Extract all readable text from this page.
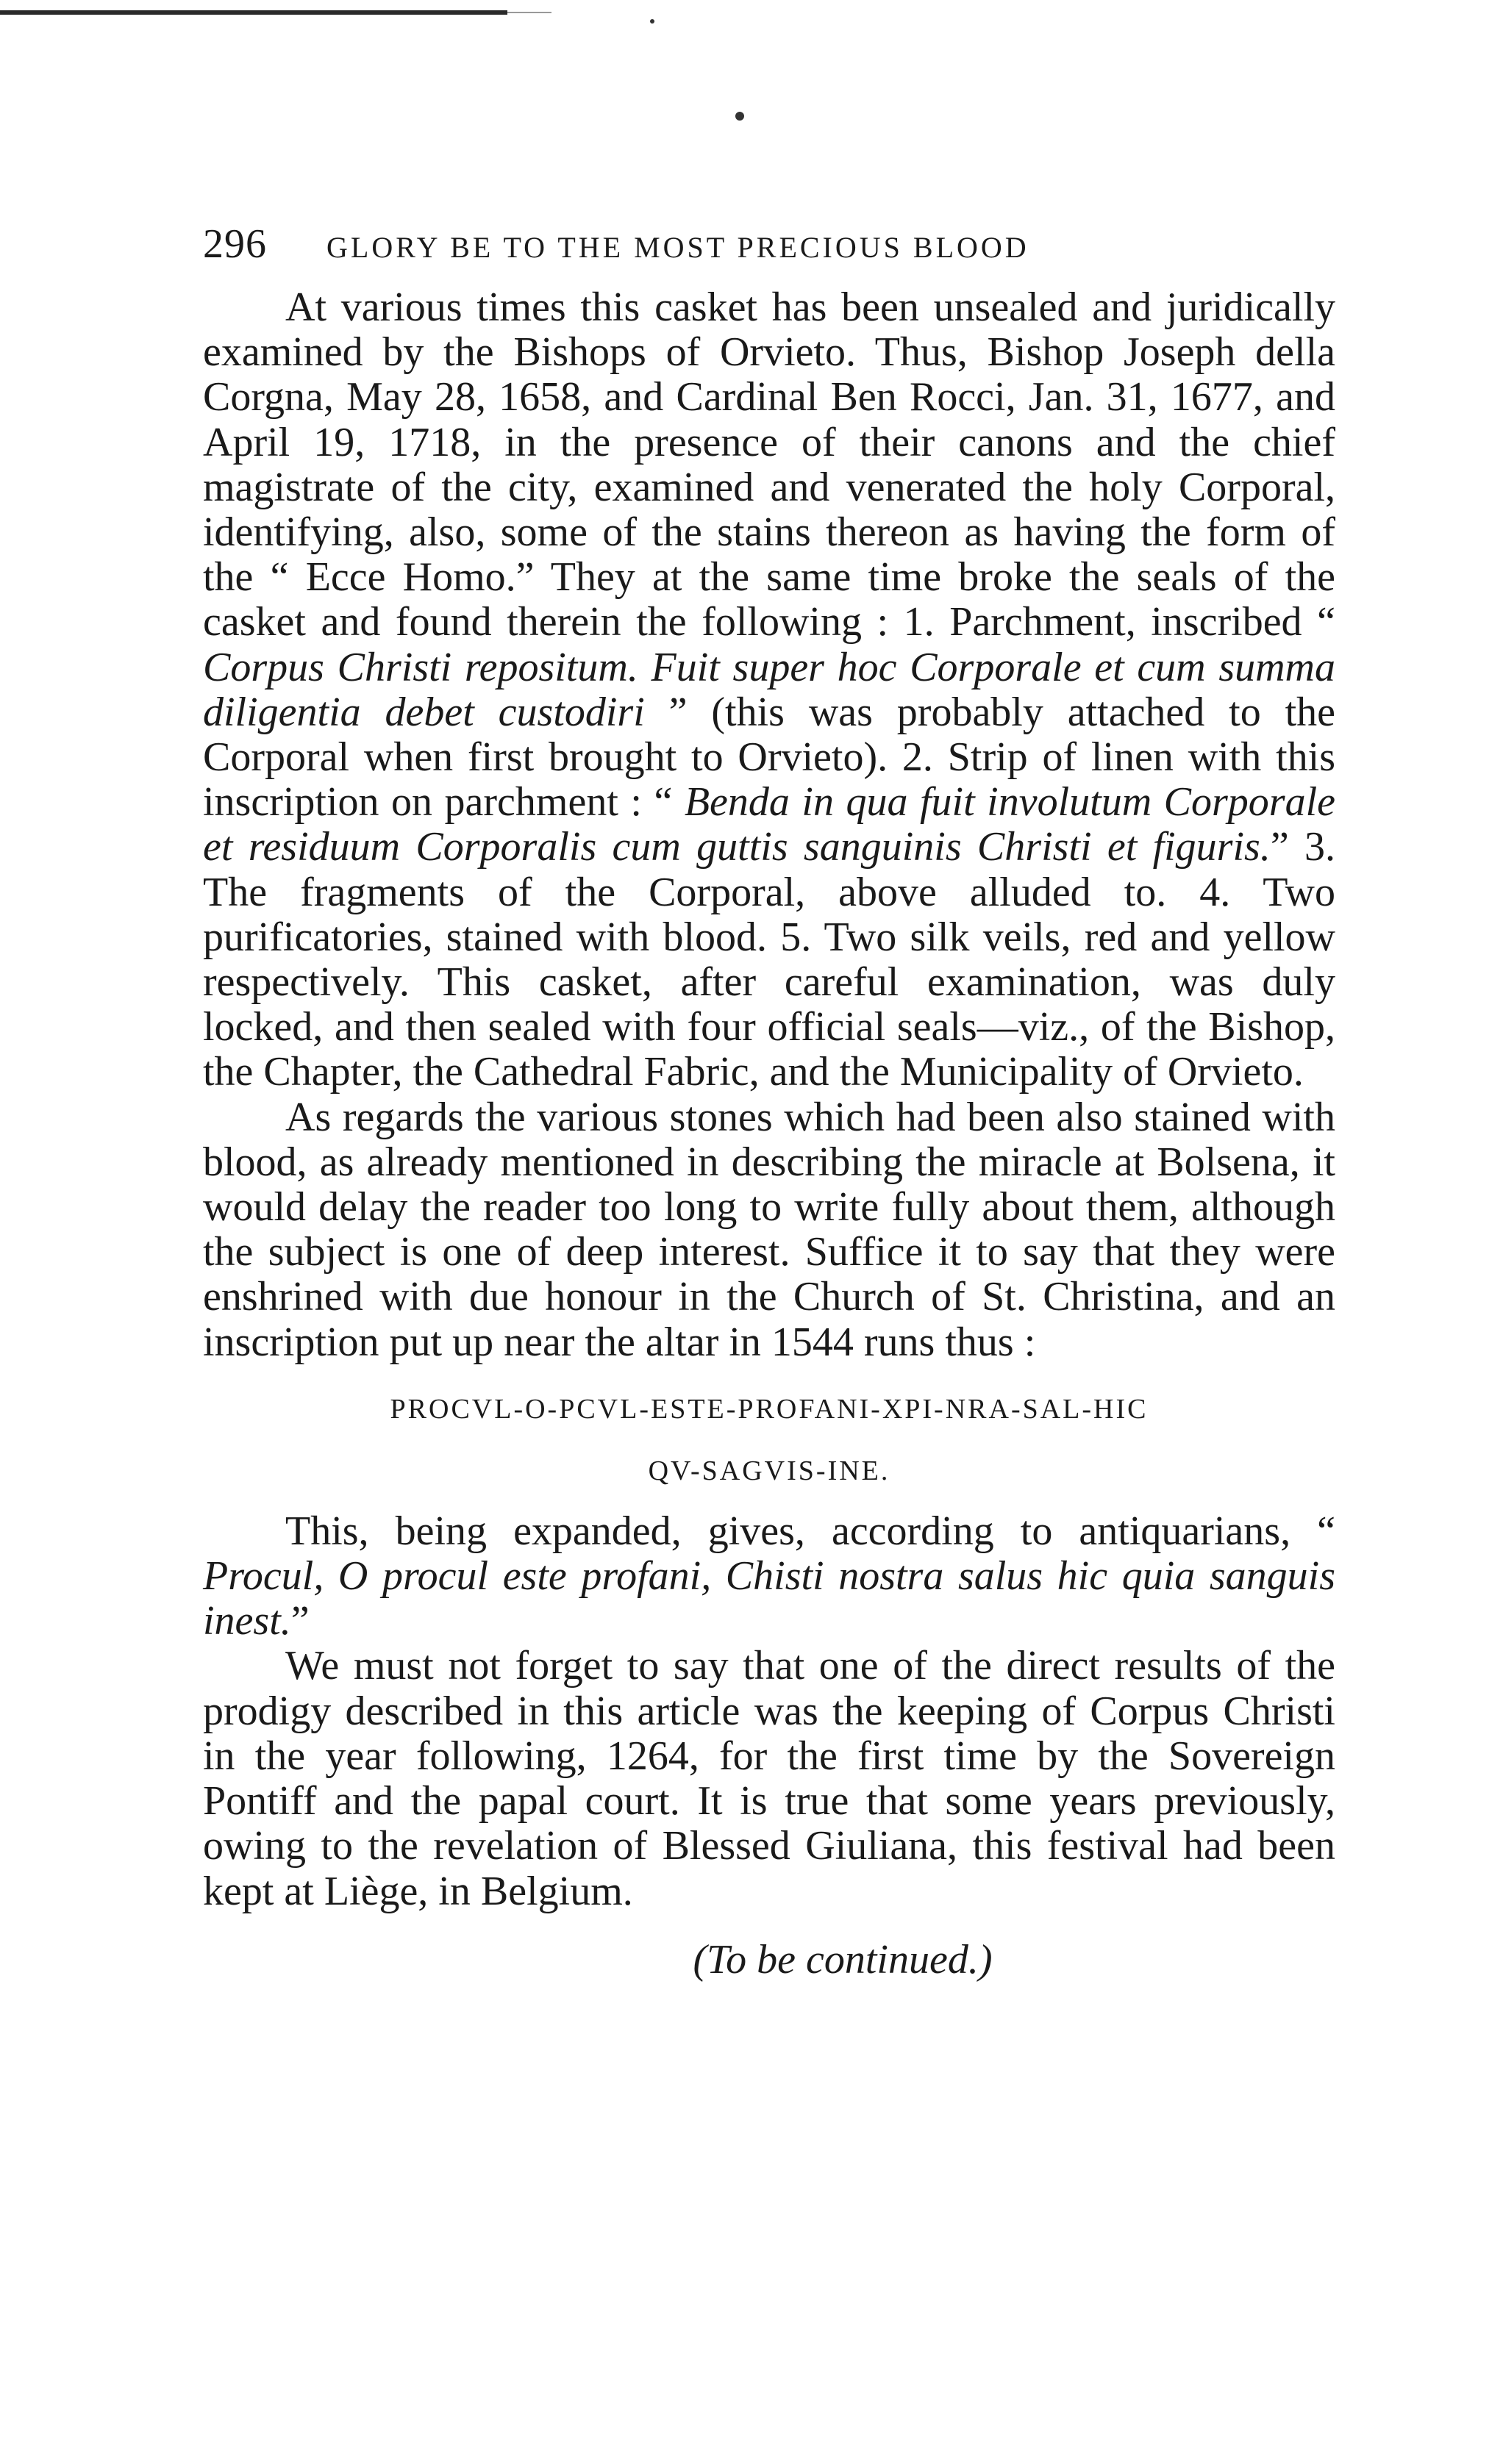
296	GLORY BE TO THE MOST PRECIOUS BLOOD

At various times this casket has been unsealed and juridically examined by the Bishops of Orvieto. Thus, Bishop Joseph della Corgna, May 28, 1658, and Cardinal Ben Rocci, Jan. 31, 1677, and April 19, 1718, in the presence of their canons and the chief magistrate of the city, examined and venerated the holy Corporal, identifying, also, some of the stains thereon as having the form of the “ Ecce Homo.” They at the same time broke the seals of the casket and found therein the following : 1. Parchment, inscribed “ Corpus Christi repositum. Fuit super hoc Corporale et cum summa diligentia debet custodiri ” (this was probably attached to the Corporal when first brought to Orvieto). 2. Strip of linen with this inscription on parchment : “ Benda in qua fuit involutum Corporale et residuum Corporalis cum guttis sanguinis Christi et figuris.” 3. The fragments of the Corporal, above alluded to. 4. Two purificatories, stained with blood. 5. Two silk veils, red and yellow respectively. This casket, after careful examination, was duly locked, and then sealed with four official seals—viz., of the Bishop, the Chapter, the Cathedral Fabric, and the Municipality of Orvieto.

As regards the various stones which had been also stained with blood, as already mentioned in describing the miracle at Bolsena, it would delay the reader too long to write fully about them, although the subject is one of deep interest. Suffice it to say that they were enshrined with due honour in the Church of St. Christina, and an inscription put up near the altar in 1544 runs thus :

PROCVL-O-PCVL-ESTE-PROFANI-XPI-NRA-SAL-HIC
QV-SAGVIS-INE.

This, being expanded, gives, according to antiquarians, “ Procul, O procul este profani, Chisti nostra salus hic quia sanguis inest.”

We must not forget to say that one of the direct results of the prodigy described in this article was the keeping of Corpus Christi in the year following, 1264, for the first time by the Sovereign Pontiff and the papal court. It is true that some years previously, owing to the revelation of Blessed Giuliana, this festival had been kept at Liège, in Belgium.

(To be continued.)
